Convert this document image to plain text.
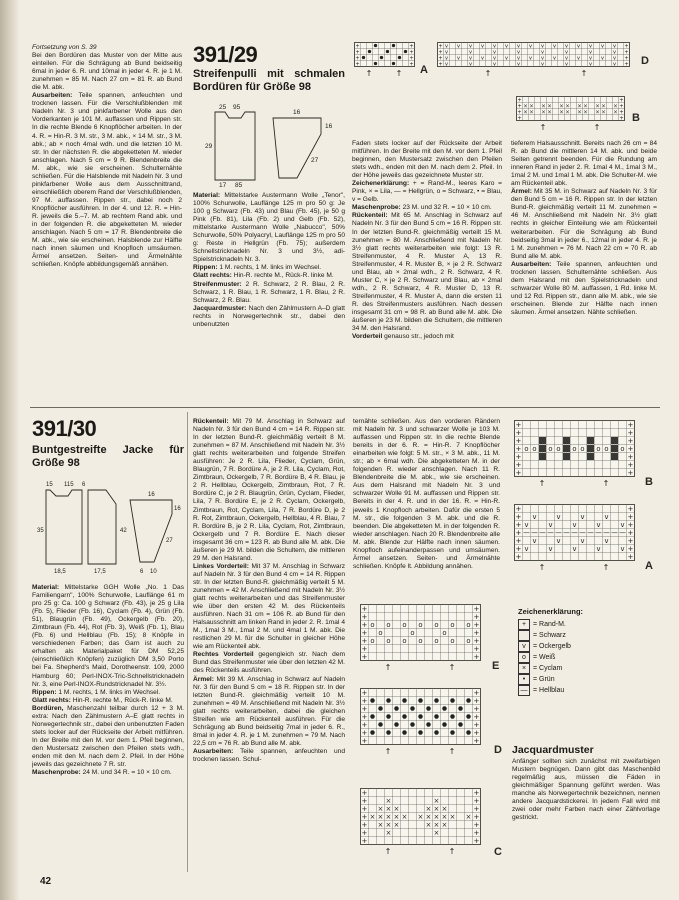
Fortsetzung von S. 39

Bei den Bordüren das Muster von der Mitte aus einteilen. Für die Schrägung ab Bund beidseitig 6mal in jeder 6. R. und 10mal in jeder 4. R. je 1 M. zunehmen = 85 M. Nach 27 cm = 81 R. ab Bund die M. abk.

Ausarbeiten: Teile spannen, anfeuchten und trocknen lassen. Für die Verschlußblenden mit Nadeln Nr. 3 und pinkfarbener Wolle aus den Vorderkanten je 101 M. auffassen und Rippen str. In die rechte Blende 6 Knopflöcher arbeiten. In der 4. R. = Hin-R. 3 M. str., 3 M. abk., × 14 M. str., 3 M. abk.; ab × noch 4mal wdh. und die letzten 10 M. str. In der nächsten R. die abgeketteten M. wieder anschlagen. Nach 5 cm = 9 R. Blendenbreite die M. abk., wie sie erscheinen. Schulternähte schließen. Für die Halsblende mit Nadeln Nr. 3 und pinkfarbener Wolle aus dem Ausschnittrand, einschließlich oberem Rand der Verschlußblenden, 97 M. auffassen. Rippen str., dabei noch 2 Knopflöcher ausführen. In der 4. und 12. R. = Hin-R. jeweils die 5.–7. M. ab rechtem Rand abk. und in der folgenden R. die abgeketteten M. wieder anschlagen. Nach 5 cm = 17 R. Blendenbreite die M. abk., wie sie erscheinen. Halsblende zur Hälfte nach innen säumen und Knopfloch umsäumen. Ärmel ansetzen. Seiten- und Ärmelnähte schließen. Knöpfe abbildungsgemäß annähen.

391/29
Streifenpulli mit schmalen Bordüren für Größe 98
25 95
16
29
17 85
16
27

Material: Mittelstarke Austermann Wolle „Tenor", 100% Schurwolle, Lauflänge 125 m pro 50 g: Je 100 g Schwarz (Fb. 43) und Blau (Fb. 45), je 50 g Pink (Fb. 81), Lila (Fb. 2) und Gelb (Fb. 52), mittelstarke Austermann Wolle „Nabucco", 50% Schurwolle, 50% Polyacryl, Lauflänge 125 m pro 50 g: Reste in Hellgrün (Fb. 75); außerdem Schnellstricknadeln Nr. 3 und 3½, adi-Spielstricknadeln Nr. 3.

Rippen: 1 M. rechts, 1 M. links im Wechsel.

Glatt rechts: Hin-R. rechte M., Rück-R. linke M.

Streifenmuster: 2 R. Schwarz, 2 R. Blau, 2 R. Schwarz, 1 R. Blau, 1 R. Schwarz, 1 R. Blau, 2 R. Schwarz, 2 R. Blau.

Jacquardmuster: Nach den Zählmustern A–D glatt rechts in Norwegertechnik str., dabei den unbenutzten

+	+
+	+
+	+
+	+
↑	↑ A
+ v v v v v v v v v v v v v v v +
+ v	v	v	v	v	v	v	v +
+ v v v v v v v v v v v v v v v +
+ v	v	v	v	v	v	v	v +
↑	↑
D
+	+
+ × × × × × × × × × × × +
+ × × × × × × × × × × × +
+	+
↑	↑
B

Faden stets locker auf der Rückseite der Arbeit mitführen. In der Breite mit den M. vor dem 1. Pfeil beginnen, den Mustersatz zwischen den Pfeilen stets wdh., enden mit den M. nach dem 2. Pfeil. In der Höhe jeweils das gezeichnete Muster str.

Zeichenerklärung: + = Rand-M., leeres Karo = Pink, × = Lila, — = Hellgrün, o = Schwarz, • = Blau, v = Gelb.

Maschenprobe: 23 M. und 32 R. = 10 × 10 cm.

Rückenteil: Mit 65 M. Anschlag in Schwarz auf Nadeln Nr. 3 für den Bund 5 cm = 16 R. Rippen str. In der letzten Bund-R. gleichmäßig verteilt 15 M. zunehmen = 80 M. Anschließend mit Nadeln Nr. 3½ glatt rechts weiterarbeiten wie folgt: 13 R. Streifenmuster, 4 R. Muster A, 13 R. Streifenmuster, 4 R. Muster B, × je 2 R. Schwarz und Blau, ab × 2mal wdh., 2 R. Schwarz, 4 R. Muster C, × je 2 R. Schwarz und Blau, ab × 2mal wdh., 2 R. Schwarz, 4 R. Muster D, 13 R. Streifenmuster, 4 R. Muster A, dann die ersten 11 R. des Streifenmusters ausführen. Nach dessen insgesamt 31 cm = 98 R. ab Bund alle M. abk. Die äußeren je 23 M. bilden die Schultern, die mittleren 34 M. den Halsrand.

Vorderteil genauso str., jedoch mit

tieferem Halsausschnitt. Bereits nach 26 cm = 84 R. ab Bund die mittleren 14 M. abk. und beide Seiten getrennt beenden. Für die Rundung am inneren Rand in jeder 2. R. 1mal 4 M., 1mal 3 M., 1mal 2 M. und 1mal 1 M. abk. Die Schulter-M. wie am Rückenteil abk.

Ärmel: Mit 35 M. in Schwarz auf Nadeln Nr. 3 für den Bund 5 cm = 16 R. Rippen str. In der letzten Bund-R. gleichmäßig verteilt 11 M. zunehmen = 46 M. Anschließend mit Nadeln Nr. 3½ glatt rechts in gleicher Einteilung wie am Rückenteil weiterarbeiten. Für die Schrägung ab Bund beidseitig 3mal in jeder 6., 12mal in jeder 4. R. je 1 M. zunehmen = 76 M. Nach 22 cm = 70 R. ab Bund alle M. abk.

Ausarbeiten: Teile spannen, anfeuchten und trocknen lassen. Schulternähte schließen. Aus dem Halsrand mit den Spielstricknadeln und schwarzer Wolle 80 M. auffassen, 1 Rd. linke M. und 12 Rd. Rippen str., dann alle M. abk., wie sie erscheinen. Blende zur Hälfte nach innen säumen. Ärmel ansetzen. Nähte schließen.

391/30
Buntgestreifte Jacke für Größe 98
15 115 6
16
35	42
27
16
18,5	17,5	6 10

Material: Mittelstarke GGH Wolle „No. 1 Das Familiengarn", 100% Schurwolle, Lauflänge 61 m pro 25 g: Ca. 100 g Schwarz (Fb. 43), je 25 g Lila (Fb. 5), Flieder (Fb. 16), Cyclam (Fb. 4), Grün (Fb. 51), Blaugrün (Fb. 49), Ockergelb (Fb. 20), Zimtbraun (Fb. 44), Rot (Fb. 3), Weiß (Fb. 1), Blau (Fb. 6) und Hellblau (Fb. 15); 8 Knöpfe in verschiedenen Farben; das Garn ist auch zu erhalten als Materialpaket für DM 52,25 (einschließlich Knöpfen) zuzüglich DM 3,50 Porto bei Fa. Shepherd's Maid, Dorotheenstr. 109, 2000 Hamburg 60; Perl-INOX-Tric-Schnellstricknadeln Nr. 3, eine Perl-INOX-Rundstricknadel Nr. 3½.

Rippen: 1 M. rechts, 1 M. links im Wechsel.

Glatt rechts: Hin-R. rechte M., Rück-R. linke M.

Bordüren, Maschenzahl teilbar durch 12 + 3 M. extra: Nach den Zählmustern A–E glatt rechts in Norwegertechnik str., dabei den unbenutzten Faden stets locker auf der Rückseite der Arbeit mitführen. In der Breite mit den M. vor dem 1. Pfeil beginnen, den Mustersatz zwischen den Pfeilen stets wdh., enden mit den M. nach dem 2. Pfeil. In der Höhe jeweils das gezeichnete 7 R. str.

Maschenprobe: 24 M. und 34 R. = 10 × 10 cm.

Rückenteil: Mit 79 M. Anschlag in Schwarz auf Nadeln Nr. 3 für den Bund 4 cm = 14 R. Rippen str. In der letzten Bund-R. gleichmäßig verteilt 8 M. zunehmen = 87 M. Anschließend mit Nadeln Nr. 3½ glatt rechts weiterarbeiten und folgende Streifen ausführen: Je 2 R. Lila, Flieder, Cyclam, Grün, Blaugrün, 7 R. Bordüre A, je 2 R. Lila, Cyclam, Rot, Zimtbraun, Ockergelb, 7 R. Bordüre B, 4 R. Blau, je 2 R. Hellblau, Ockergelb, Zimtbraun, Rot, 7 R. Bordüre C, je 2 R. Blaugrün, Grün, Cyclam, Flieder, Lila, 7 R. Bordüre E, je 2 R. Cyclam, Ockergelb, Zimtbraun, Rot, Cyclam, Lila, 7 R. Bordüre D, je 2 R. Rot, Zimtbraun, Ockergelb, Hellblau, 4 R. Blau, 7 R. Bordüre B, je 2 R. Lila, Cyclam, Rot, Zimtbraun, Ockergelb und 7 R. Bordüre E. Nach dieser insgesamt 36 cm = 123 R. ab Bund alle M. abk. Die äußeren je 29 M. bilden die Schultern, die mittleren 29 M. den Halsrand.

Linkes Vorderteil: Mit 37 M. Anschlag in Schwarz auf Nadeln Nr. 3 für den Bund 4 cm = 14 R. Rippen str. In der letzten Bund-R. gleichmäßig verteilt 5 M. zunehmen = 42 M. Anschließend mit Nadeln Nr. 3½ glatt rechts weiterarbeiten und das Streifenmuster wie über den ersten 42 M. des Rückenteils ausführen. Nach 31 cm = 106 R. ab Bund für den Halsausschnitt am linken Rand in jeder 2. R. 1mal 4 M., 1mal 3 M., 1mal 2 M. und 4mal 1 M. abk. Die restlichen 29 M. für die Schulter in gleicher Höhe wie am Rückenteil abk.

Rechtes Vorderteil gegengleich str. Nach dem Bund das Streifenmuster wie über den letzten 42 M. des Rückenteils ausführen.

Ärmel: Mit 39 M. Anschlag in Schwarz auf Nadeln Nr. 3 für den Bund 5 cm = 18 R. Rippen str. In der letzten Bund-R. gleichmäßig verteilt 10 M. zunehmen = 49 M. Anschließend mit Nadeln Nr. 3½ glatt rechts weiterarbeiten, dabei die gleichen Streifen wie am Rückenteil ausführen. Für die Schrägung ab Bund beidseitig 7mal in jeder 6. R., 8mal in jeder 4. R. je 1 M. zunehmen = 79 M. Nach 22,5 cm = 76 R. ab Bund alle M. abk.

Ausarbeiten: Teile spannen, anfeuchten und trocknen lassen. Schul-

ternähte schließen. Aus den vorderen Rändern mit Nadeln Nr. 3 und schwarzer Wolle je 103 M. auffassen und Rippen str. In die rechte Blende bereits in der 6. R. = Hin-R. 7 Knopflöcher einarbeiten wie folgt: 5 M. str., × 3 M. abk., 11 M. str.; ab × 6mal wdh. Die abgeketteten M. in der folgenden R. wieder anschlagen. Nach 11 R. Blendenbreite die M. abk., wie sie erscheinen. Aus dem Halsrand mit Nadeln Nr. 3 und schwarzer Wolle 91 M. auffassen und Rippen str. Bereits in der 4. R. und in der 16. R. = Hin-R. jeweils 1 Knopfloch arbeiten. Dafür die ersten 5 M. str., die folgenden 3 M. abk. und die R. beenden. Die abgeketteten M. in der folgenden R. wieder anschlagen. Nach 20 R. Blendenbreite alle M. abk. Blende zur Hälfte nach innen säumen. Knopfloch aufeinanderpassen und umsäumen. Ärmel ansetzen. Seiten- und Ärmelnähte schließen. Knöpfe lt. Abbildung annähen.

+	+
+	+
+ o o o o o o o +
+ o	o	o	+
+ o o o o o o o +
+	+
+	+
↑	↑	E
+	+
+	+
+	+
+	+
+	+
+	+
+	+
↑	↑	D
+	+
+	×	×	+
+ × × ×	× × ×	+
+ × × × × × × × × × × × +
+ × × ×	× × ×	+
+	×	×	+
+	+
↑	↑	C
+	+
+	+
+	+
+ o o o o o o o o o +
+	+
+	+
+	+
↑	↑	B
+	+
+ v	v	v	v	+
+ v	v	v	v	v +
+ — — — — — — — — — — — — — +
+ v	v	v	v	+
+ v	v	v	v	v +
+	+
↑	↑	A
Zeichenerklärung:
+ = Rand-M.
= Schwarz
v	= Ockergelb
o	= Weiß
× = Cyclam
•	= Grün
— = Hellblau
Jacquardmuster

Anfänger sollten sich zunächst mit zweifarbigen Mustern begnügen. Dann gibt das Maschenbild regelmäßig aus, müssen die Fäden in gleichmäßiger Spannung geführt werden. Was manche als Norwegertechnik bezeichnen, nennen andere Jacquardstickerei. In jedem Fall wird mit zwei oder mehr Farben nach einer Zählvorlage gestrickt.

42
